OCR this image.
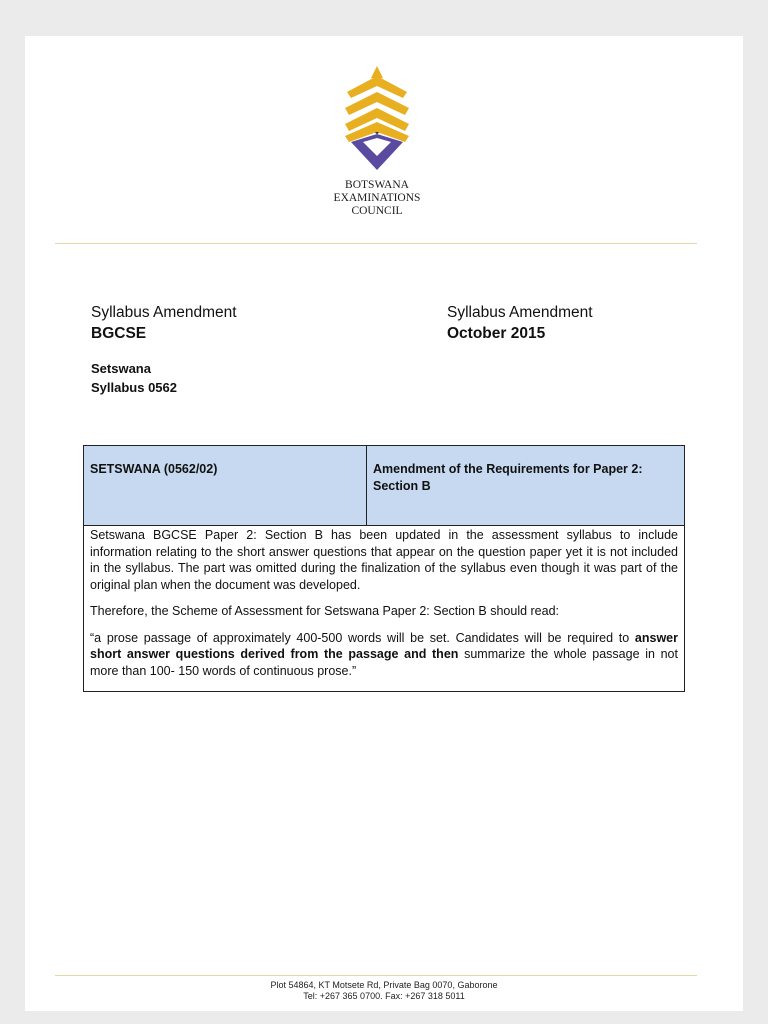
BOTSWANA
EXAMINATIONS
COUNCIL
Syllabus Amendment
BGCSE
Syllabus Amendment
October 2015
Setswana
Syllabus 0562
SETSWANA (0562/02)	Amendment of the Requirements for Paper 2: Section B

Setswana BGCSE Paper 2: Section B has been updated in the assessment syllabus to include information relating to the short answer questions that appear on the question paper yet it is not included in the syllabus. The part was omitted during the finalization of the syllabus even though it was part of the original plan when the document was developed.

Therefore, the Scheme of Assessment for Setswana Paper 2: Section B should read:

“a prose passage of approximately 400-500 words will be set. Candidates will be required to answer short answer questions derived from the passage and then summarize the whole passage in not more than 100- 150 words of continuous prose.”

Plot 54864, KT Motsete Rd, Private Bag 0070, Gaborone
Tel: +267 365 0700. Fax: +267 318 5011
